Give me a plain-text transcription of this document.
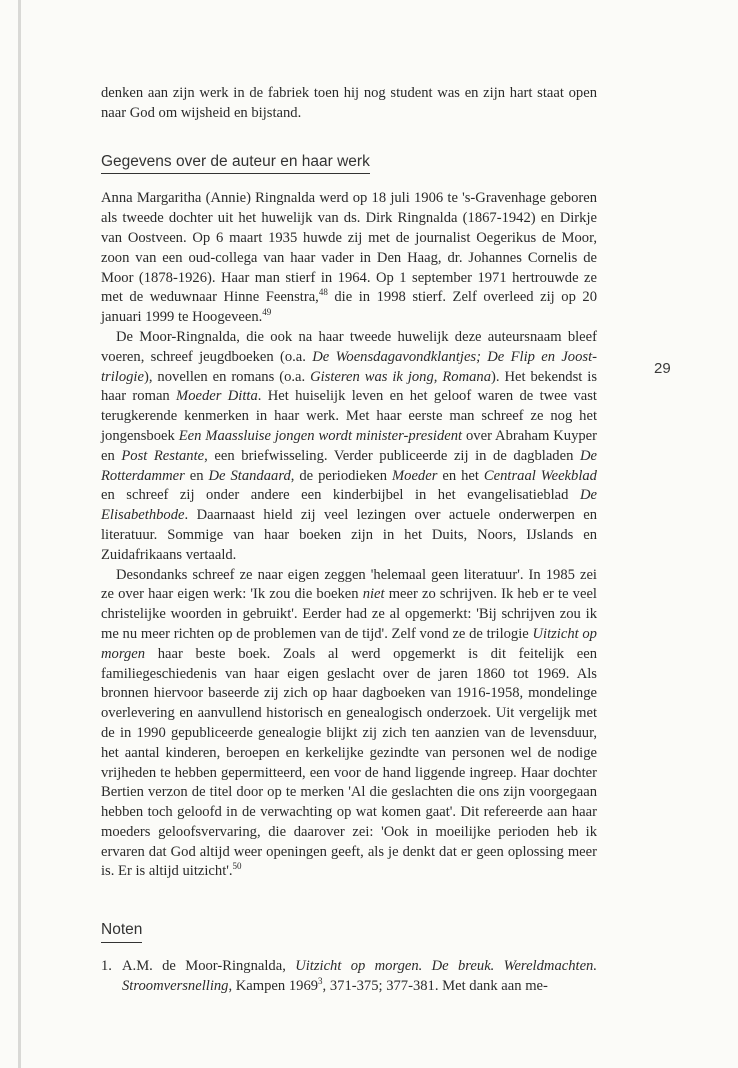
29

denken aan zijn werk in de fabriek toen hij nog student was en zijn hart staat open naar God om wijsheid en bijstand.

Gegevens over de auteur en haar werk

Anna Margaritha (Annie) Ringnalda werd op 18 juli 1906 te 's-Gravenhage geboren als tweede dochter uit het huwelijk van ds. Dirk Ringnalda (1867-1942) en Dirkje van Oostveen. Op 6 maart 1935 huwde zij met de journalist Oegerikus de Moor, zoon van een oud-collega van haar vader in Den Haag, dr. Johannes Cornelis de Moor (1878-1926). Haar man stierf in 1964. Op 1 september 1971 hertrouwde ze met de weduwnaar Hinne Feenstra,$^{48}$ die in 1998 stierf. Zelf overleed zij op 20 januari 1999 te Hoogeveen.$^{49}$

De Moor-Ringnalda, die ook na haar tweede huwelijk deze auteursnaam bleef voeren, schreef jeugdboeken (o.a. De Woensdagavondklantjes; De Flip en Joost-trilogie), novellen en romans (o.a. Gisteren was ik jong, Romana). Het bekendst is haar roman Moeder Ditta. Het huiselijk leven en het geloof waren de twee vast terugkerende kenmerken in haar werk. Met haar eerste man schreef ze nog het jongensboek Een Maassluise jongen wordt minister-president over Abraham Kuyper en Post Restante, een briefwisseling. Verder publiceerde zij in de dagbladen De Rotterdammer en De Standaard, de periodieken Moeder en het Centraal Weekblad en schreef zij onder andere een kinderbijbel in het evangelisatieblad De Elisabethbode. Daarnaast hield zij veel lezingen over actuele onderwerpen en literatuur. Sommige van haar boeken zijn in het Duits, Noors, IJslands en Zuidafrikaans vertaald.

Desondanks schreef ze naar eigen zeggen 'helemaal geen literatuur'. In 1985 zei ze over haar eigen werk: 'Ik zou die boeken niet meer zo schrijven. Ik heb er te veel christelijke woorden in gebruikt'. Eerder had ze al opgemerkt: 'Bij schrijven zou ik me nu meer richten op de problemen van de tijd'. Zelf vond ze de trilogie Uitzicht op morgen haar beste boek. Zoals al werd opgemerkt is dit feitelijk een familiegeschiedenis van haar eigen geslacht over de jaren 1860 tot 1969. Als bronnen hiervoor baseerde zij zich op haar dagboeken van 1916-1958, mondelinge overlevering en aanvullend historisch en genealogisch onderzoek. Uit vergelijk met de in 1990 gepubliceerde genealogie blijkt zij zich ten aanzien van de levensduur, het aantal kinderen, beroepen en kerkelijke gezindte van personen wel de nodige vrijheden te hebben gepermitteerd, een voor de hand liggende ingreep. Haar dochter Bertien verzon de titel door op te merken 'Al die geslachten die ons zijn voorgegaan hebben toch geloofd in de verwachting op wat komen gaat'. Dit refereerde aan haar moeders geloofsvervaring, die daarover zei: 'Ook in moeilijke perioden heb ik ervaren dat God altijd weer openingen geeft, als je denkt dat er geen oplossing meer is. Er is altijd uitzicht'.$^{50}$

Noten

1. A.M. de Moor-Ringnalda, Uitzicht op morgen. De breuk. Wereldmachten. Stroomversnelling, Kampen 1969$^3$, 371-375; 377-381. Met dank aan me-
